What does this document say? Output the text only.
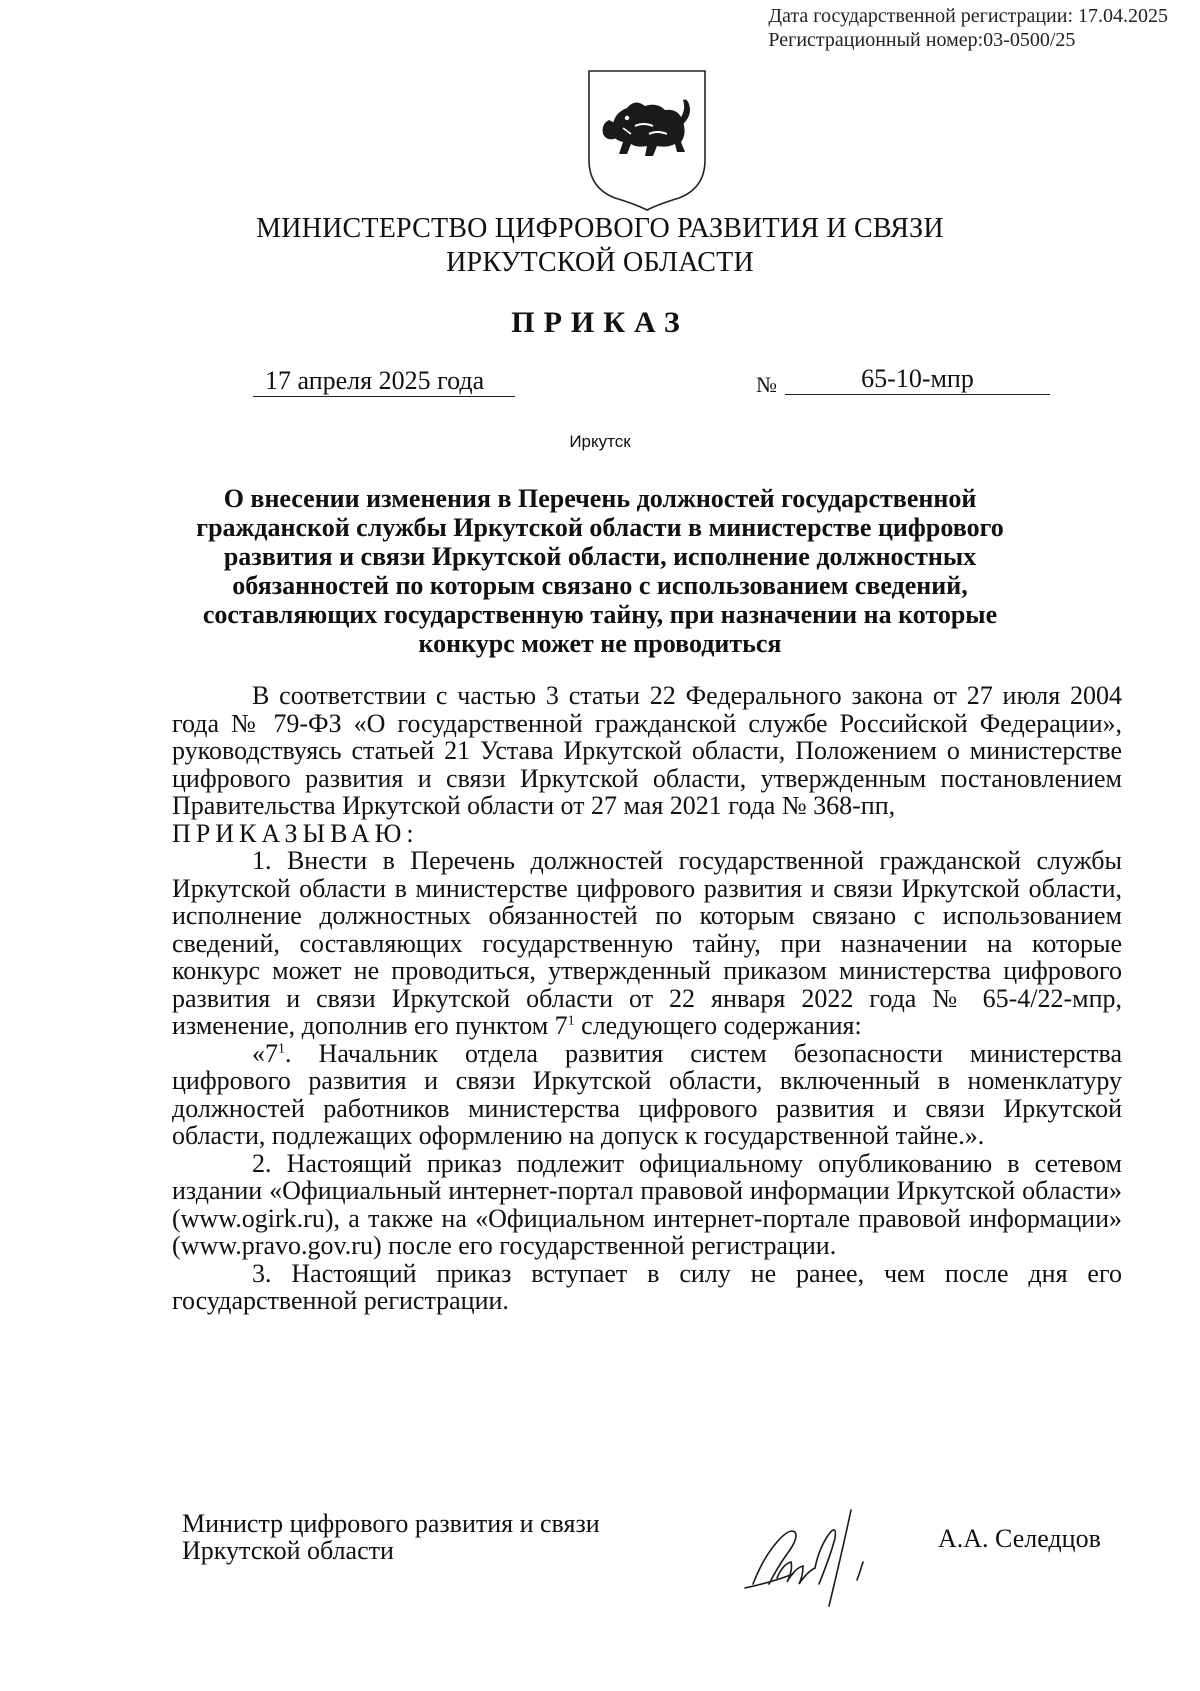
Дата государственной регистрации: 17.04.2025
Регистрационный номер:03-0500/25
МИНИСТЕРСТВО ЦИФРОВОГО РАЗВИТИЯ И СВЯЗИ
ИРКУТСКОЙ ОБЛАСТИ
ПРИКАЗ
17 апреля 2025 года	№	65-10-мпр
Иркутск
О внесении изменения в Перечень должностей государственной гражданской службы Иркутской области в министерстве цифрового развития и связи Иркутской области, исполнение должностных обязанностей по которым связано с использованием сведений, составляющих государственную тайну, при назначении на которые конкурс может не проводиться

В соответствии с частью 3 статьи 22 Федерального закона от 27 июля 2004 года № 79-ФЗ «О государственной гражданской службе Российской Федерации», руководствуясь статьей 21 Устава Иркутской области, Положением о министерстве цифрового развития и связи Иркутской области, утвержденным постановлением Правительства Иркутской области от 27 мая 2021 года № 368-пп,

ПРИКАЗЫВАЮ:

1. Внести в Перечень должностей государственной гражданской службы Иркутской области в министерстве цифрового развития и связи Иркутской области, исполнение должностных обязанностей по которым связано с использованием сведений, составляющих государственную тайну, при назначении на которые конкурс может не проводиться, утвержденный приказом министерства цифрового развития и связи Иркутской области от 22 января 2022 года № 65-4/22-мпр, изменение, дополнив его пунктом $7^1$ следующего содержания:

«$7^1$. Начальник отдела развития систем безопасности министерства цифрового развития и связи Иркутской области, включенный в номенклатуру должностей работников министерства цифрового развития и связи Иркутской области, подлежащих оформлению на допуск к государственной тайне.».

2. Настоящий приказ подлежит официальному опубликованию в сетевом издании «Официальный интернет-портал правовой информации Иркутской области» (www.ogirk.ru), а также на «Официальном интернет-портале правовой информации» (www.pravo.gov.ru) после его государственной регистрации.

3. Настоящий приказ вступает в силу не ранее, чем после дня его государственной регистрации.

Министр цифрового развития и связи
Иркутской области	А.А. Селедцов
